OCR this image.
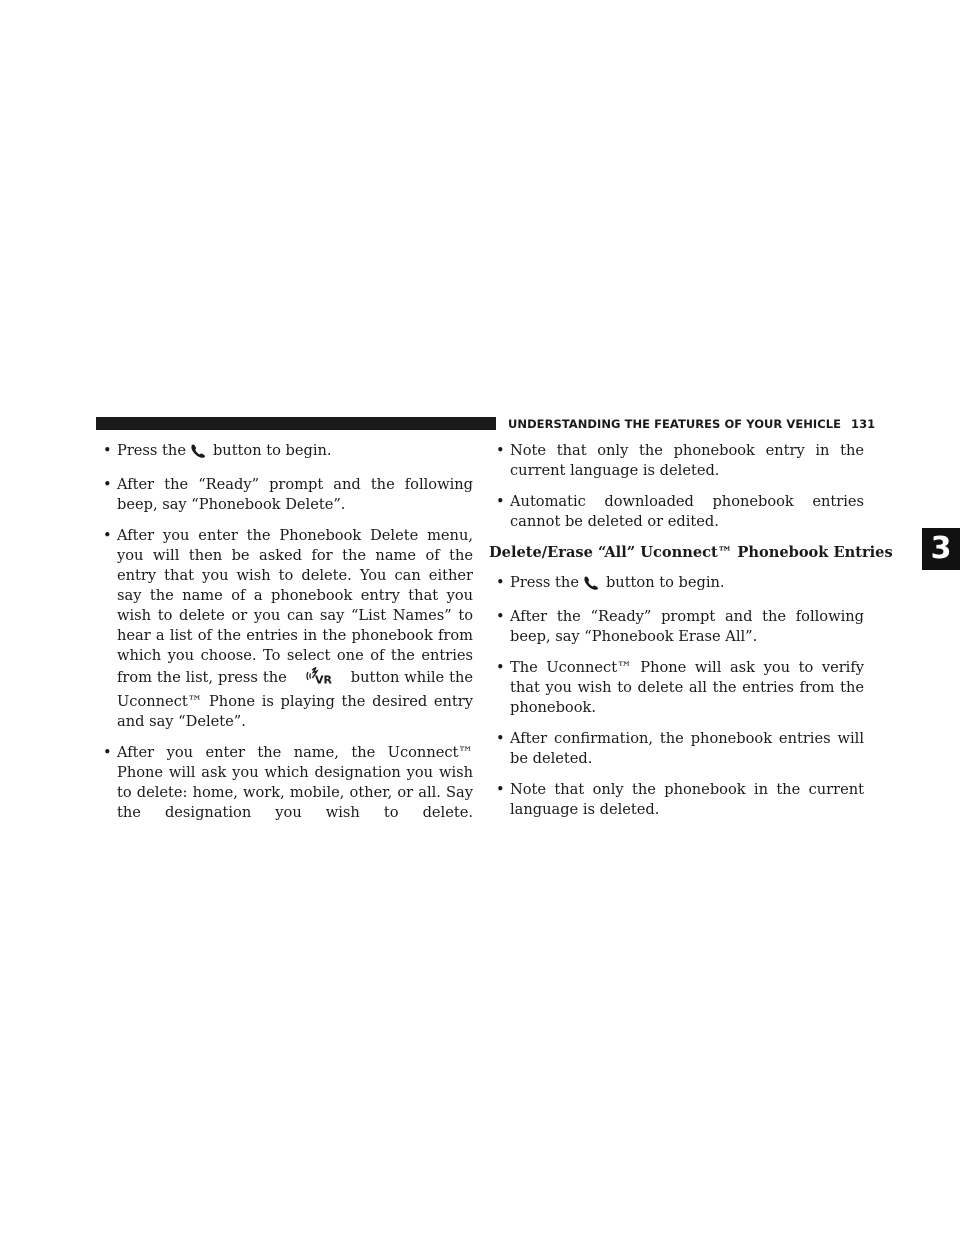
UNDERSTANDING THE FEATURES OF YOUR VEHICLE 131
3
• Press the button to begin.
• After the “Ready” prompt and the following beep, say “Phonebook Delete”.
• After you enter the Phonebook Delete menu, you will then be asked for the name of the entry that you wish to delete. You can either say the name of a phonebook entry that you wish to delete or you can say “List Names” to hear a list of the entries in the phonebook from which you choose. To select one of the entries from the list, press the	VR button while the Uconnect™ Phone is playing the desired entry and say “Delete”.
• After you enter the name, the Uconnect™ Phone will ask you which designation you wish to delete: home, work, mobile, other, or all. Say the designation you wish to delete.
• Note that only the phonebook entry in the current language is deleted.
• Automatic downloaded phonebook entries cannot be deleted or edited.
Delete/Erase “All” Uconnect™ Phonebook Entries
• Press the button to begin.
• After the “Ready” prompt and the following beep, say “Phonebook Erase All”.
• The Uconnect™ Phone will ask you to verify that you wish to delete all the entries from the phonebook.
• After confirmation, the phonebook entries will be deleted.
• Note that only the phonebook in the current language is deleted.
